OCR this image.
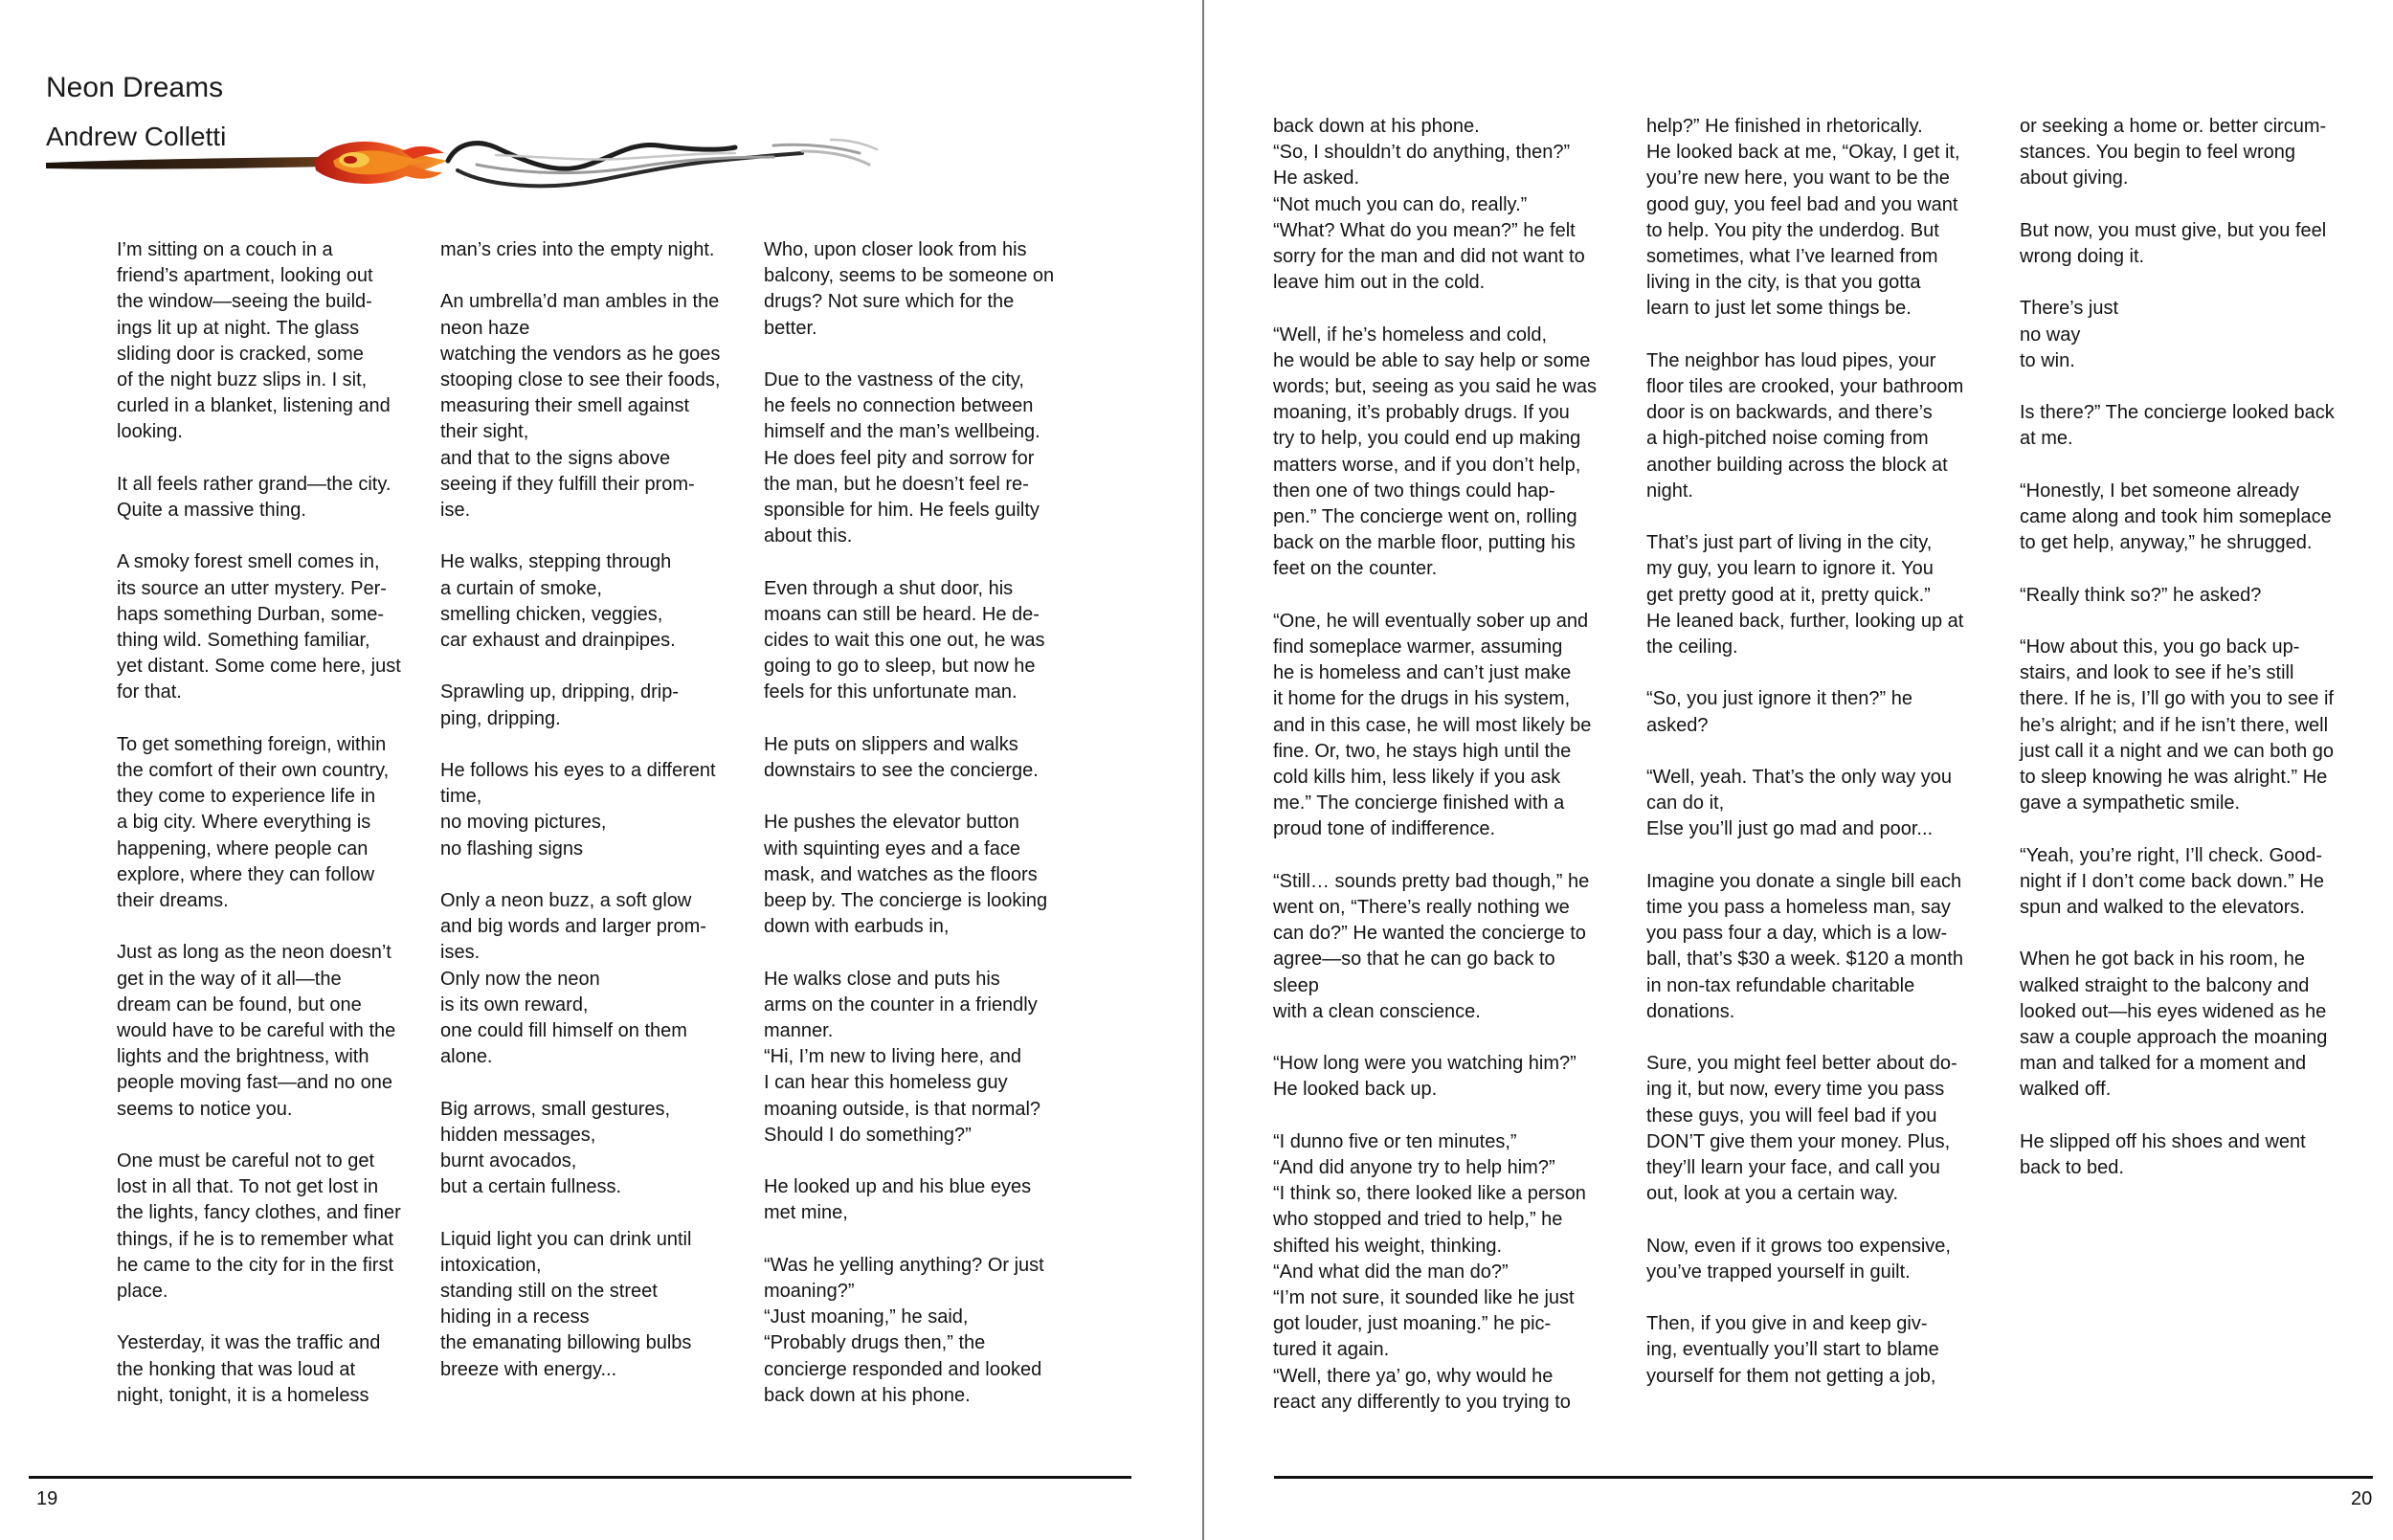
Neon Dreams
Andrew Colletti

I’m sitting on a couch in a
friend’s apartment, looking out
the window—seeing the build-
ings lit up at night. The glass
sliding door is cracked, some
of the night buzz slips in. I sit,
curled in a blanket, listening and
looking.

It all feels rather grand—the city.
Quite a massive thing.

A smoky forest smell comes in,
its source an utter mystery. Per-
haps something Durban, some-
thing wild. Something familiar,
yet distant. Some come here, just
for that.

To get something foreign, within
the comfort of their own country,
they come to experience life in
a big city. Where everything is
happening, where people can
explore, where they can follow
their dreams.

Just as long as the neon doesn’t
get in the way of it all—the
dream can be found, but one
would have to be careful with the
lights and the brightness, with
people moving fast—and no one
seems to notice you.

One must be careful not to get
lost in all that. To not get lost in
the lights, fancy clothes, and finer
things, if he is to remember what
he came to the city for in the first
place.

Yesterday, it was the traffic and
the honking that was loud at
night, tonight, it is a homeless

man’s cries into the empty night.

An umbrella’d man ambles in the
neon haze
watching the vendors as he goes
stooping close to see their foods,
measuring their smell against
their sight,
and that to the signs above
seeing if they fulfill their prom-
ise.

He walks, stepping through
a curtain of smoke,
smelling chicken, veggies,
car exhaust and drainpipes.

Sprawling up, dripping, drip-
ping, dripping.

He follows his eyes to a different
time,
no moving pictures,
no flashing signs

Only a neon buzz, a soft glow
and big words and larger prom-
ises.
Only now the neon
is its own reward,
one could fill himself on them
alone.

Big arrows, small gestures,
hidden messages,
burnt avocados,
but a certain fullness.

Liquid light you can drink until
intoxication,
standing still on the street
hiding in a recess
the emanating billowing bulbs
breeze with energy...

Who, upon closer look from his
balcony, seems to be someone on
drugs? Not sure which for the
better.

Due to the vastness of the city,
he feels no connection between
himself and the man’s wellbeing.
He does feel pity and sorrow for
the man, but he doesn’t feel re-
sponsible for him. He feels guilty
about this.

Even through a shut door, his
moans can still be heard. He de-
cides to wait this one out, he was
going to go to sleep, but now he
feels for this unfortunate man.

He puts on slippers and walks
downstairs to see the concierge.

He pushes the elevator button
with squinting eyes and a face
mask, and watches as the floors
beep by. The concierge is looking
down with earbuds in,

He walks close and puts his
arms on the counter in a friendly
manner.
“Hi, I’m new to living here, and
I can hear this homeless guy
moaning outside, is that normal?
Should I do something?”

He looked up and his blue eyes
met mine,

“Was he yelling anything? Or just
moaning?”
“Just moaning,” he said,
“Probably drugs then,” the
concierge responded and looked
back down at his phone.

19

back down at his phone.
“So, I shouldn’t do anything, then?”
He asked.
“Not much you can do, really.”
“What? What do you mean?” he felt
sorry for the man and did not want to
leave him out in the cold.

“Well, if he’s homeless and cold,
he would be able to say help or some
words; but, seeing as you said he was
moaning, it’s probably drugs. If you
try to help, you could end up making
matters worse, and if you don’t help,
then one of two things could hap-
pen.” The concierge went on, rolling
back on the marble floor, putting his
feet on the counter.

“One, he will eventually sober up and
find someplace warmer, assuming
he is homeless and can’t just make
it home for the drugs in his system,
and in this case, he will most likely be
fine. Or, two, he stays high until the
cold kills him, less likely if you ask
me.” The concierge finished with a
proud tone of indifference.

“Still… sounds pretty bad though,” he
went on, “There’s really nothing we
can do?” He wanted the concierge to
agree—so that he can go back to sleep
with a clean conscience.

“How long were you watching him?”
He looked back up.

“I dunno five or ten minutes,”
“And did anyone try to help him?”
“I think so, there looked like a person
who stopped and tried to help,” he
shifted his weight, thinking.
“And what did the man do?”
“I’m not sure, it sounded like he just
got louder, just moaning.” he pic-
tured it again.
“Well, there ya’ go, why would he
react any differently to you trying to

help?” He finished in rhetorically.
He looked back at me, “Okay, I get it,
you’re new here, you want to be the
good guy, you feel bad and you want
to help. You pity the underdog. But
sometimes, what I’ve learned from
living in the city, is that you gotta
learn to just let some things be.

The neighbor has loud pipes, your
floor tiles are crooked, your bathroom
door is on backwards, and there’s
a high-pitched noise coming from
another building across the block at
night.

That’s just part of living in the city,
my guy, you learn to ignore it. You
get pretty good at it, pretty quick.”
He leaned back, further, looking up at
the ceiling.

“So, you just ignore it then?” he
asked?

“Well, yeah. That’s the only way you
can do it,
Else you’ll just go mad and poor...

Imagine you donate a single bill each
time you pass a homeless man, say
you pass four a day, which is a low-
ball, that’s $30 a week. $120 a month
in non-tax refundable charitable
donations.

Sure, you might feel better about do-
ing it, but now, every time you pass
these guys, you will feel bad if you
DON’T give them your money. Plus,
they’ll learn your face, and call you
out, look at you a certain way.

Now, even if it grows too expensive,
you’ve trapped yourself in guilt.

Then, if you give in and keep giv-
ing, eventually you’ll start to blame
yourself for them not getting a job,

or seeking a home or. better circum-
stances. You begin to feel wrong
about giving.

But now, you must give, but you feel
wrong doing it.

There’s just
no way
to win.

Is there?” The concierge looked back
at me.

“Honestly, I bet someone already
came along and took him someplace
to get help, anyway,” he shrugged.

“Really think so?” he asked?

“How about this, you go back up-
stairs, and look to see if he’s still
there. If he is, I’ll go with you to see if
he’s alright; and if he isn’t there, well
just call it a night and we can both go
to sleep knowing he was alright.” He
gave a sympathetic smile.

“Yeah, you’re right, I’ll check. Good-
night if I don’t come back down.” He
spun and walked to the elevators.

When he got back in his room, he
walked straight to the balcony and
looked out—his eyes widened as he
saw a couple approach the moaning
man and talked for a moment and
walked off.

He slipped off his shoes and went
back to bed.

20
